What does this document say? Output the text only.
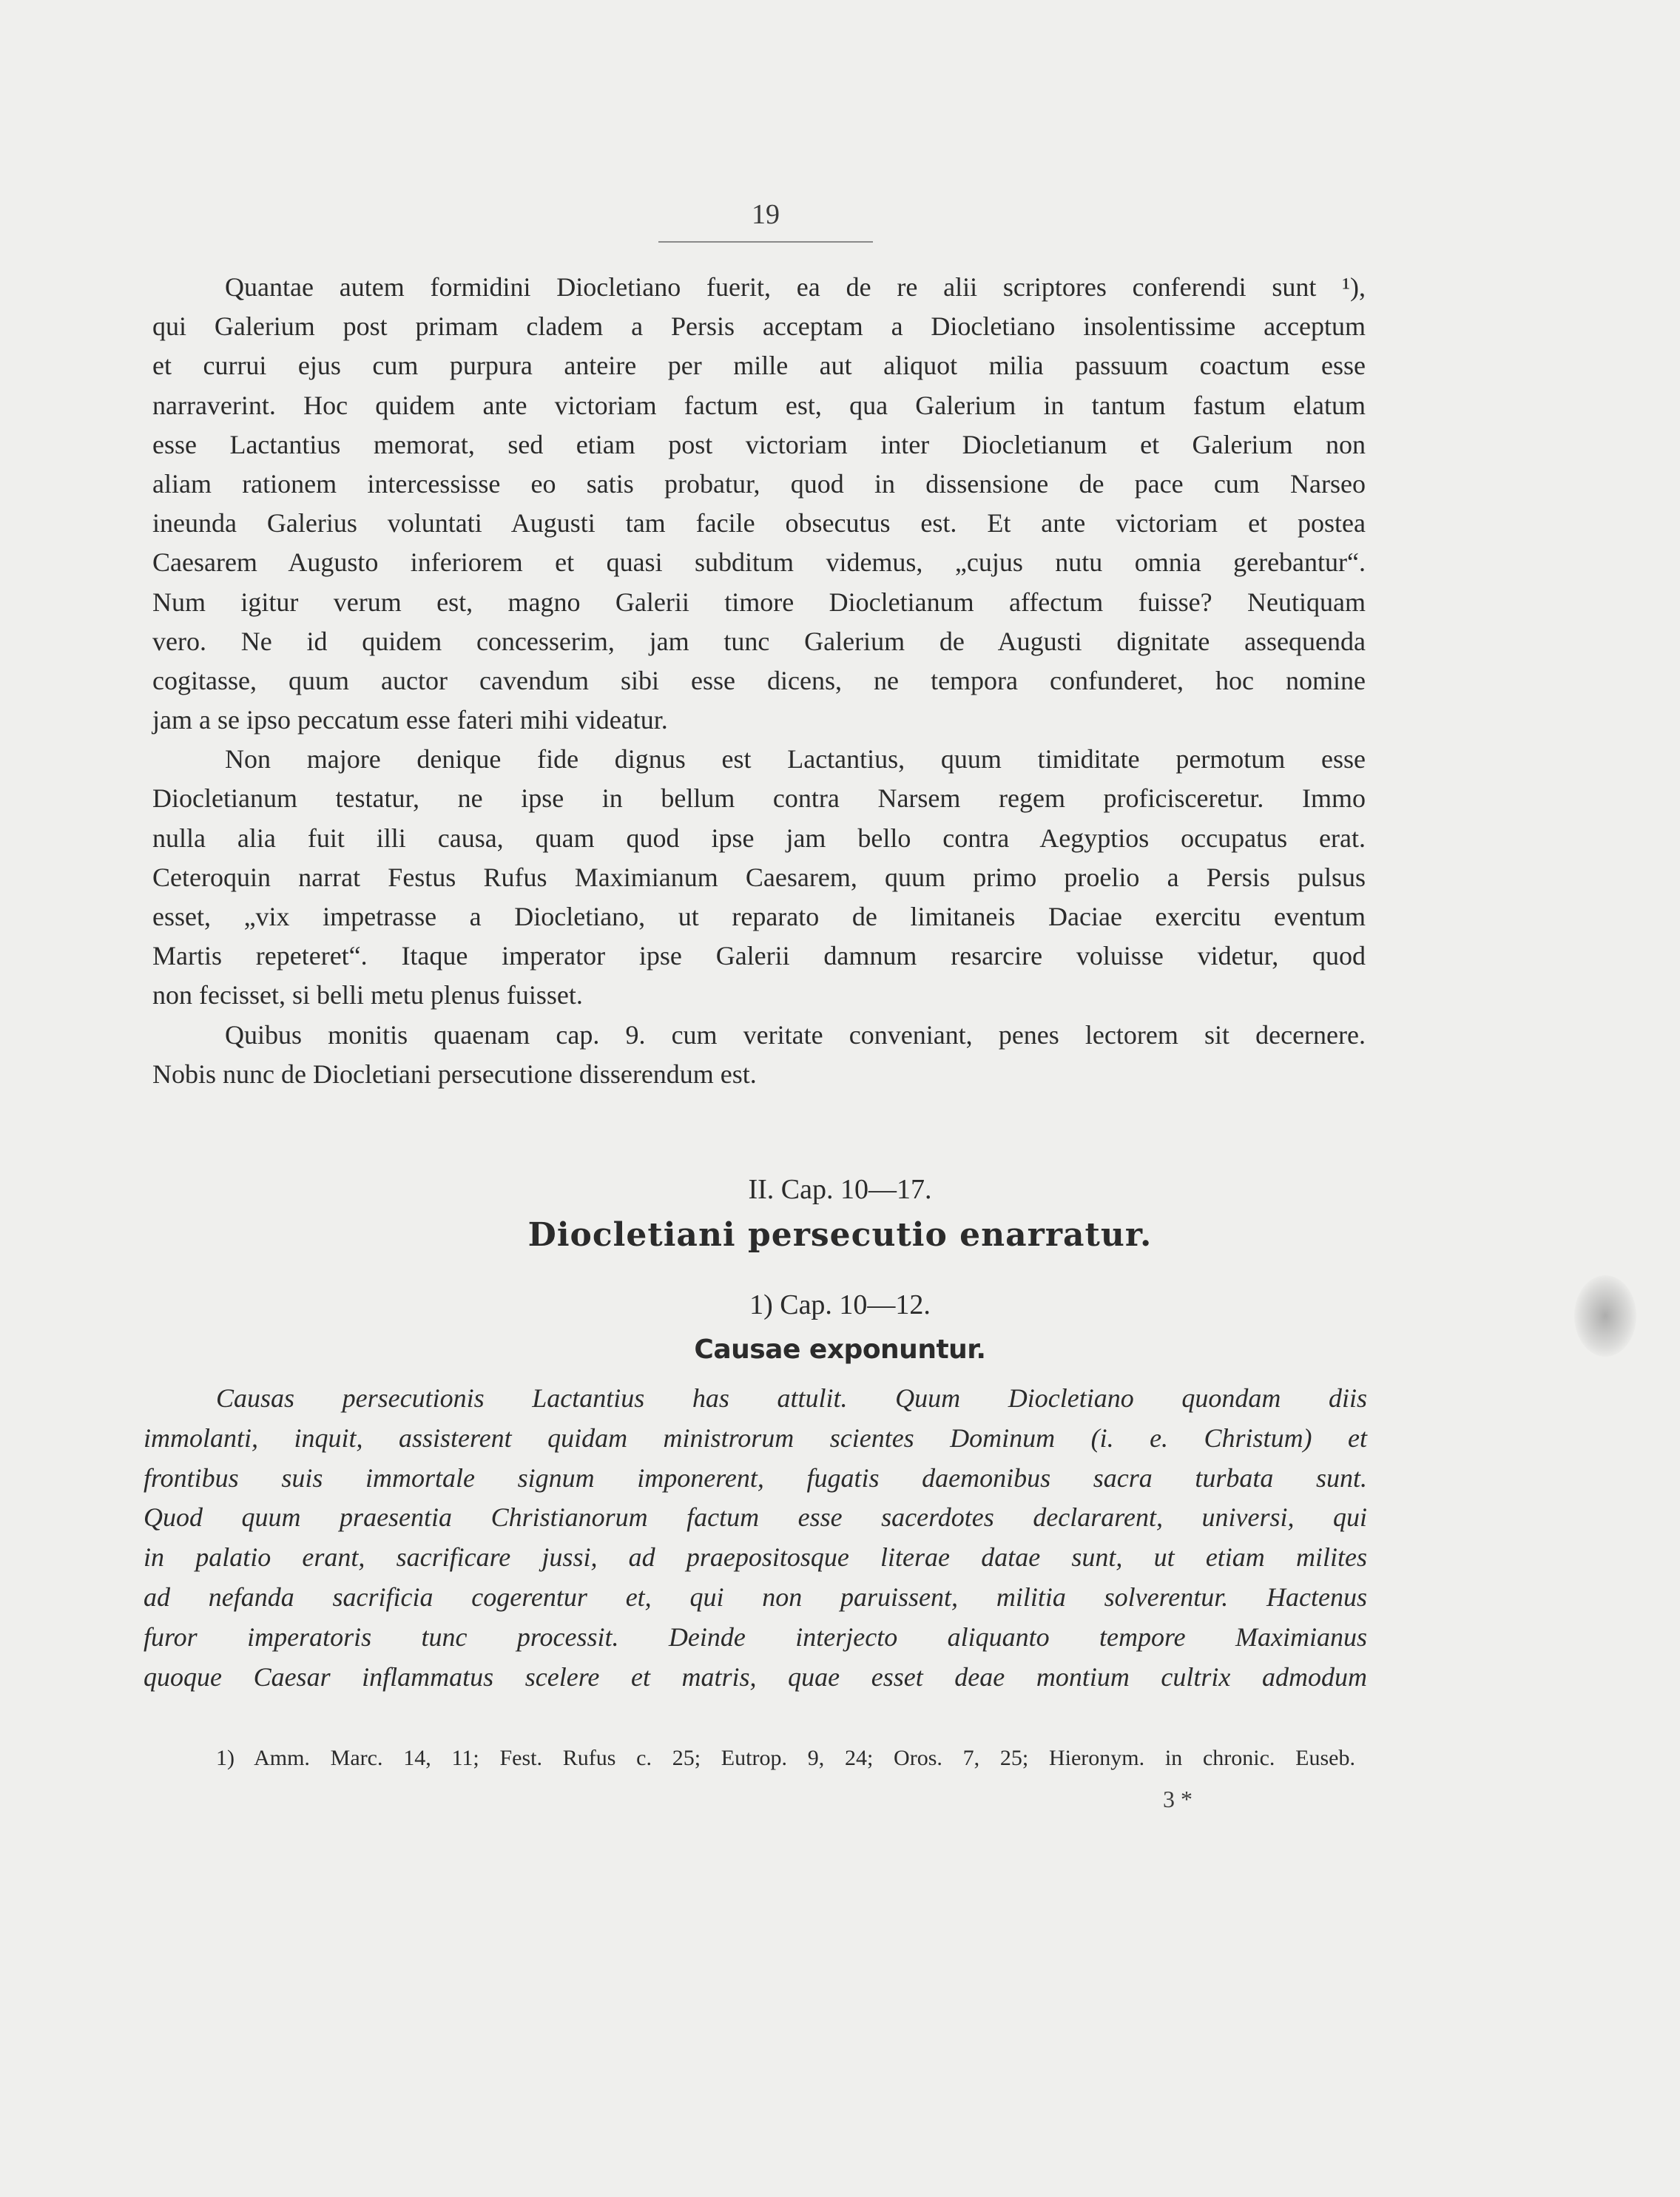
19
Quantae autem formidini Diocletiano fuerit, ea de re alii scriptores conferendi sunt ¹),
qui Galerium post primam cladem a Persis acceptam a Diocletiano insolentissime acceptum
et currui ejus cum purpura anteire per mille aut aliquot milia passuum coactum esse
narraverint. Hoc quidem ante victoriam factum est, qua Galerium in tantum fastum elatum
esse Lactantius memorat, sed etiam post victoriam inter Diocletianum et Galerium non
aliam rationem intercessisse eo satis probatur, quod in dissensione de pace cum Narseo
ineunda Galerius voluntati Augusti tam facile obsecutus est. Et ante victoriam et postea
Caesarem Augusto inferiorem et quasi subditum videmus, „cujus nutu omnia gerebantur“.
Num igitur verum est, magno Galerii timore Diocletianum affectum fuisse? Neutiquam
vero. Ne id quidem concesserim, jam tunc Galerium de Augusti dignitate assequenda
cogitasse, quum auctor cavendum sibi esse dicens, ne tempora confunderet, hoc nomine
jam a se ipso peccatum esse fateri mihi videatur.
Non majore denique fide dignus est Lactantius, quum timiditate permotum esse
Diocletianum testatur, ne ipse in bellum contra Narsem regem proficisceretur. Immo
nulla alia fuit illi causa, quam quod ipse jam bello contra Aegyptios occupatus erat.
Ceteroquin narrat Festus Rufus Maximianum Caesarem, quum primo proelio a Persis pulsus
esset, „vix impetrasse a Diocletiano, ut reparato de limitaneis Daciae exercitu eventum
Martis repeteret“. Itaque imperator ipse Galerii damnum resarcire voluisse videtur, quod
non fecisset, si belli metu plenus fuisset.
Quibus monitis quaenam cap. 9. cum veritate conveniant, penes lectorem sit decernere.
Nobis nunc de Diocletiani persecutione disserendum est.
II. Cap. 10—17.
Diocletiani persecutio enarratur.
1) Cap. 10—12.
Causae exponuntur.
Causas persecutionis Lactantius has attulit. Quum Diocletiano quondam diis
immolanti, inquit, assisterent quidam ministrorum scientes Dominum (i. e. Christum) et
frontibus suis immortale signum imponerent, fugatis daemonibus sacra turbata sunt.
Quod quum praesentia Christianorum factum esse sacerdotes declararent, universi, qui
in palatio erant, sacrificare jussi, ad praepositosque literae datae sunt, ut etiam milites
ad nefanda sacrificia cogerentur et, qui non paruissent, militia solverentur. Hactenus
furor imperatoris tunc processit. Deinde interjecto aliquanto tempore Maximianus
quoque Caesar inflammatus scelere et matris, quae esset deae montium cultrix admodum
1) Amm. Marc. 14, 11; Fest. Rufus c. 25; Eutrop. 9, 24; Oros. 7, 25; Hieronym. in chronic. Euseb.
3 *
